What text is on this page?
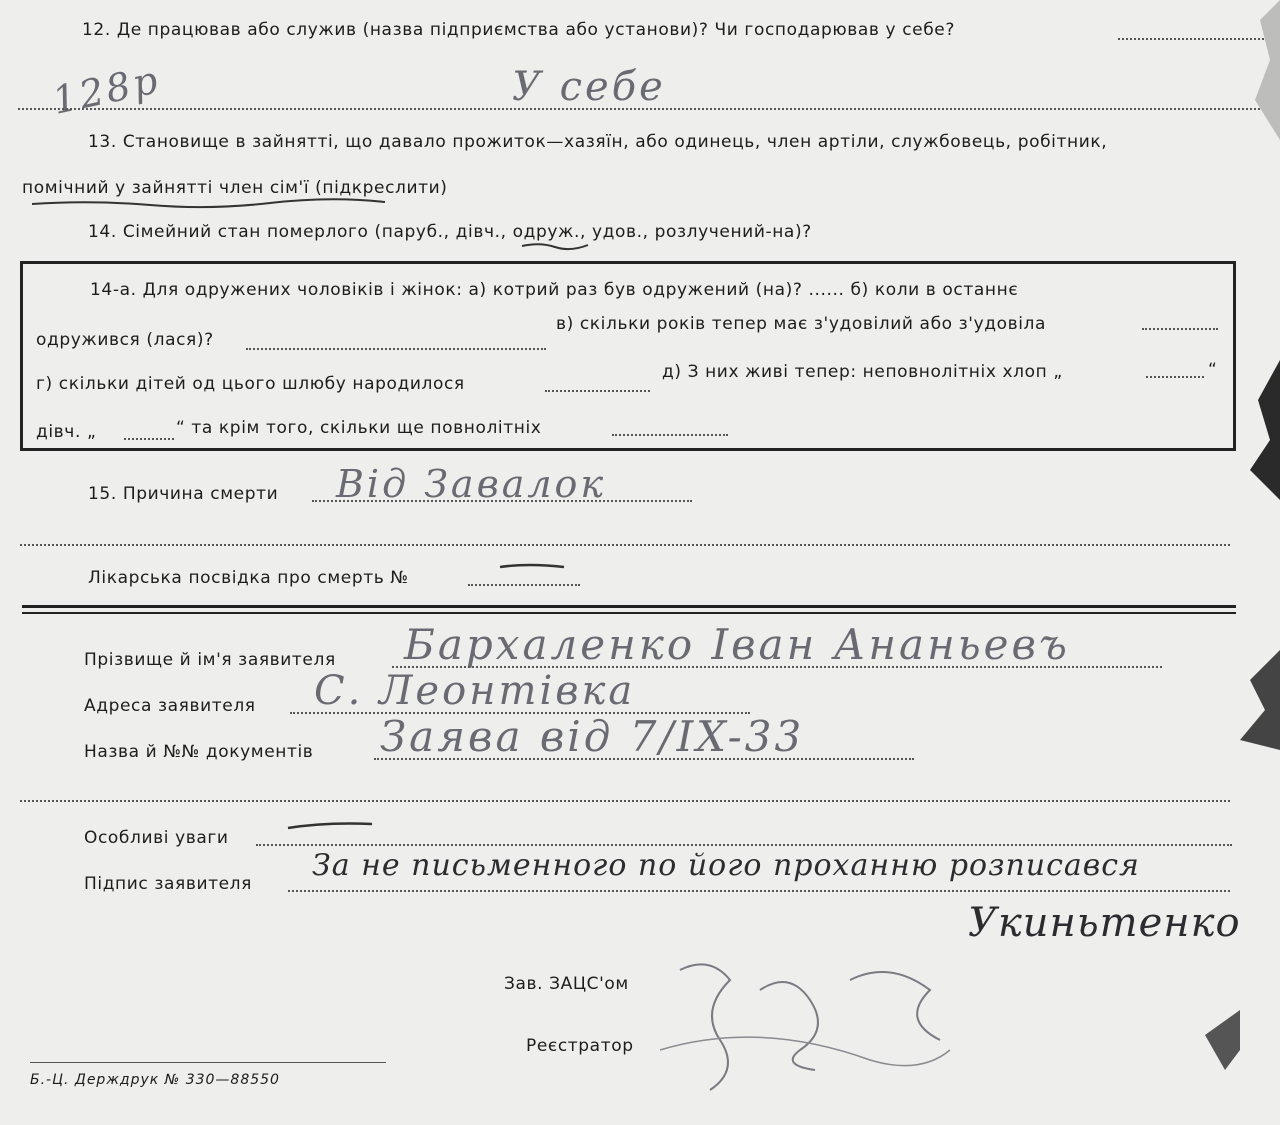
12. Де працював або служив (назва підприємства або установи)? Чи господарював у себе?
128р	У себе
13. Становище в зайнятті, що давало прожиток—хазяїн, або одинець, член артіли, службовець, робітник,
помічний у зайнятті член сім'ї (підкреслити)
14. Сімейний стан померлого (паруб., дівч., одруж., удов., розлучений-на)?
14-а. Для одружених чоловіків і жінок: а) котрий раз був одружений (на)? ...... б) коли в останнє
одружився (лася)?
в) скільки років тепер має з'удовілий або з'удовіла
г) скільки дітей од цього шлюбу народилося
д) З них живі тепер: неповнолітніх хлоп „	“
дівч. „	“ та крім того, скільки ще повнолітніх
15. Причина смерти Від Завалок
Лікарська посвідка про смерть №
Прізвище й ім'я заявителя Бархаленко Іван Ананьевъ
Адреса заявителя С. Леонтівка
Назва й №№ документів Заява від 7/IX-33
Особливі уваги
Підпис заявителя
За не письменного по його проханню розписався
Укиньтенко
Зав. ЗАЦС'ом
Реєстратор
Б.-Ц. Держдрук № 330—88550
